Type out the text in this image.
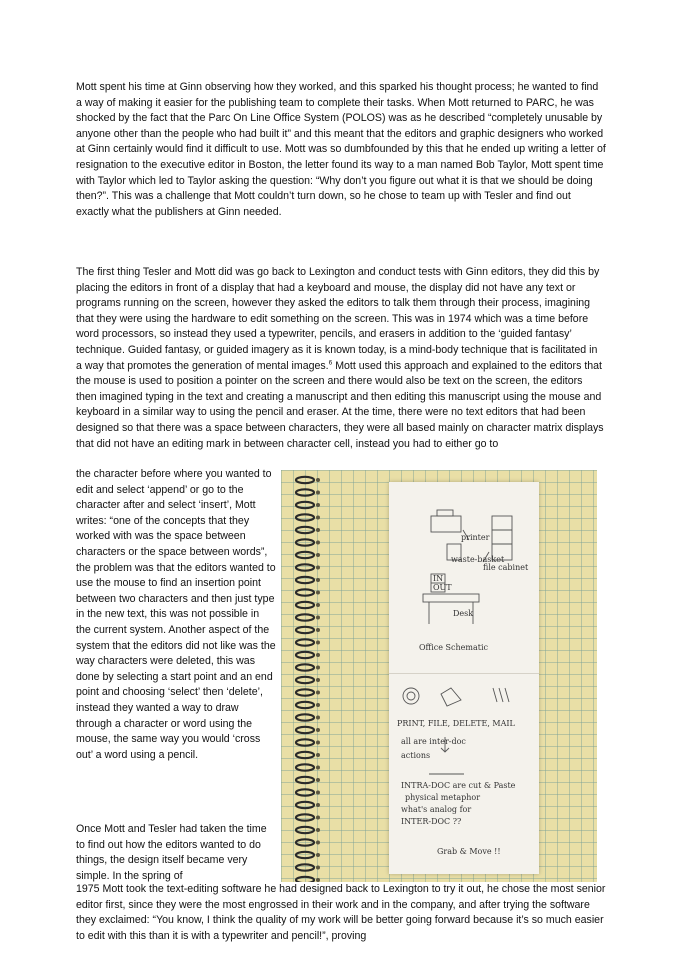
Mott spent his time at Ginn observing how they worked, and this sparked his thought process; he wanted to find a way of making it easier for the publishing team to complete their tasks. When Mott returned to PARC, he was shocked by the fact that the Parc On Line Office System (POLOS) was as he described “completely unusable by anyone other than the people who had built it” and this meant that the editors and graphic designers who worked at Ginn certainly would find it difficult to use. Mott was so dumbfounded by this that he ended up writing a letter of resignation to the executive editor in Boston, the letter found its way to a man named Bob Taylor, Mott spent time with Taylor which led to Taylor asking the question: “Why don’t you figure out what it is that we should be doing then?”. This was a challenge that Mott couldn’t turn down, so he chose to team up with Tesler and find out exactly what the publishers at Ginn needed.

The first thing Tesler and Mott did was go back to Lexington and conduct tests with Ginn editors, they did this by placing the editors in front of a display that had a keyboard and mouse, the display did not have any text or programs running on the screen, however they asked the editors to talk them through their process, imagining that they were using the hardware to edit something on the screen. This was in 1974 which was a time before word processors, so instead they used a typewriter, pencils, and erasers in addition to the ‘guided fantasy’ technique. Guided fantasy, or guided imagery as it is known today, is a mind-body technique that is facilitated in a way that promotes the generation of mental images.$^6$ Mott used this approach and explained to the editors that the mouse is used to position a pointer on the screen and there would also be text on the screen, the editors then imagined typing in the text and creating a manuscript and then editing this manuscript using the mouse and keyboard in a similar way to using the pencil and eraser. At the time, there were no text editors that had been designed so that there was a space between characters, they were all based mainly on character matrix displays that did not have an editing mark in between character cell, instead you had to either go to

the character before where you wanted to edit and select ‘append’ or go to the character after and select ‘insert’, Mott writes: “one of the concepts that they worked with was the space between characters or the space between words”, the problem was that the editors wanted to use the mouse to find an insertion point between two characters and then just type in the new text, this was not possible in the current system. Another aspect of the system that the editors did not like was the way characters were deleted, this was done by selecting a start point and an end point and choosing ‘select’ then ‘delete’, instead they wanted a way to draw through a character or word using the mouse, the same way you would ‘cross out’ a word using a pencil.

Once Mott and Tesler had taken the time to find out how the editors wanted to do things, the design itself became very simple. In the spring of

1975 Mott took the text-editing software he had designed back to Lexington to try it out, he chose the most senior editor first, since they were the most engrossed in their work and in the company, and after trying the software they exclaimed: “You know, I think the quality of my work will be better going forward because it’s so much easier to edit with this than it is with a typewriter and pencil!”, proving

printer
waste-basket
file cabinet
IN
OUT
Desk
Office Schematic
PRINT, FILE, DELETE, MAIL
all are inter-doc
actions
INTRA-DOC are cut & Paste
physical metaphor
what's analog for
INTER-DOC ??
Grab & Move !!
